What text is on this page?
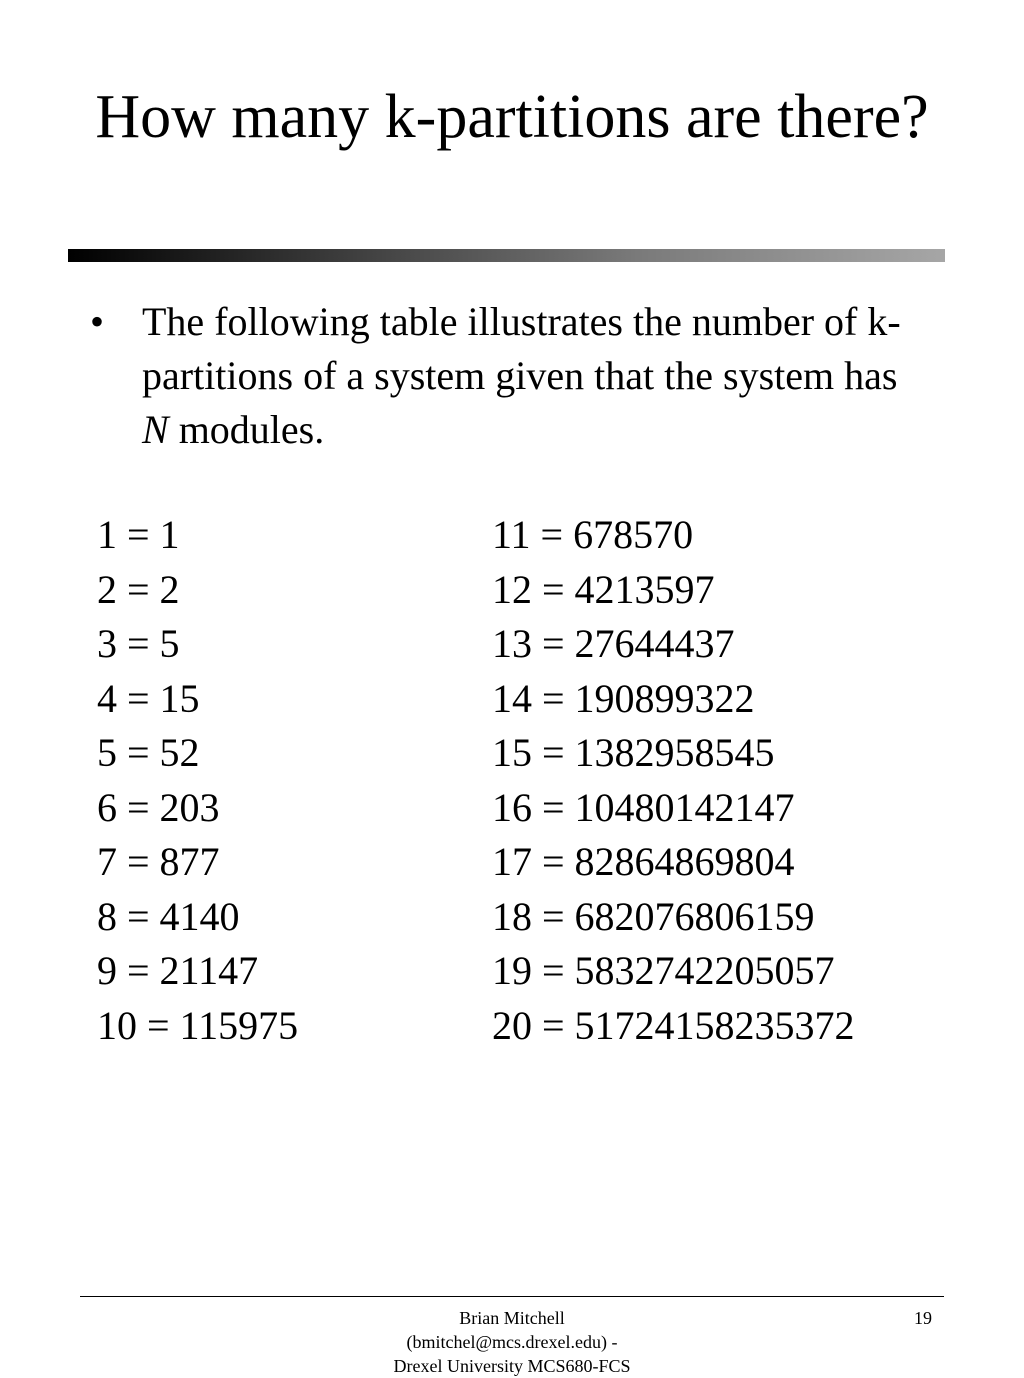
How many k-partitions are there?
• The following table illustrates the number of k-partitions of a system given that the system has N modules.
1 = 1
2 = 2
3 = 5
4 = 15
5 = 52
6 = 203
7 = 877
8 = 4140
9 = 21147
10 = 115975
11 = 678570
12 = 4213597
13 = 27644437
14 = 190899322
15 = 1382958545
16 = 10480142147
17 = 82864869804
18 = 682076806159
19 = 5832742205057
20 = 51724158235372
Brian Mitchell
(bmitchel@mcs.drexel.edu) -
Drexel University MCS680-FCS
19
